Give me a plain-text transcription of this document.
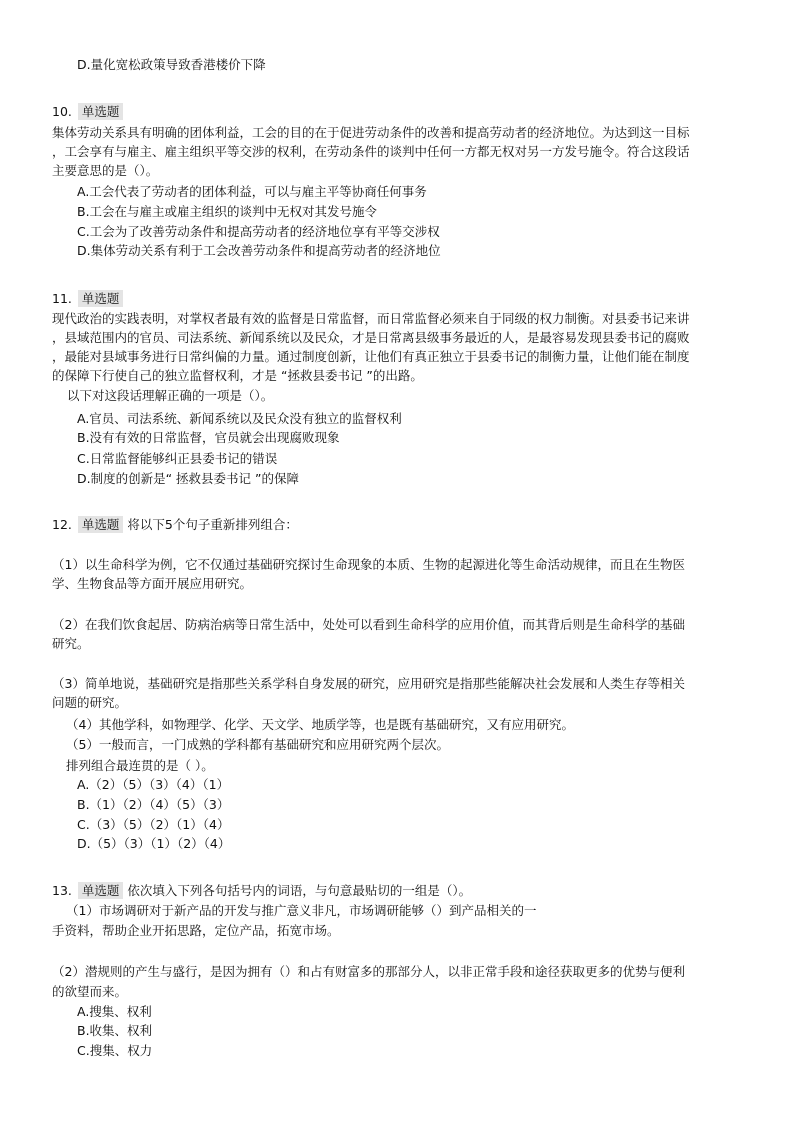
D.量化宽松政策导致香港楼价下降
10. 单选题
集体劳动关系具有明确的团体利益，工会的目的在于促进劳动条件的改善和提高劳动者的经济地位。为达到这一目标
，工会享有与雇主、雇主组织平等交涉的权利，在劳动条件的谈判中任何一方都无权对另一方发号施令。符合这段话
主要意思的是（）。
A.工会代表了劳动者的团体利益，可以与雇主平等协商任何事务
B.工会在与雇主或雇主组织的谈判中无权对其发号施令
C.工会为了改善劳动条件和提高劳动者的经济地位享有平等交涉权
D.集体劳动关系有利于工会改善劳动条件和提高劳动者的经济地位
11. 单选题
现代政治的实践表明，对掌权者最有效的监督是日常监督，而日常监督必须来自于同级的权力制衡。对县委书记来讲
，县域范围内的官员、司法系统、新闻系统以及民众，才是日常离县级事务最近的人，是最容易发现县委书记的腐败
，最能对县域事务进行日常纠偏的力量。通过制度创新，让他们有真正独立于县委书记的制衡力量，让他们能在制度
的保障下行使自己的独立监督权利，才是 “拯救县委书记 ”的出路。
以下对这段话理解正确的一项是（）。
A.官员、司法系统、新闻系统以及民众没有独立的监督权利
B.没有有效的日常监督，官员就会出现腐败现象
C.日常监督能够纠正县委书记的错误
D.制度的创新是“ 拯救县委书记 ”的保障
12. 单选题 将以下5个句子重新排列组合：
（1）以生命科学为例，它不仅通过基础研究探讨生命现象的本质、生物的起源进化等生命活动规律，而且在生物医
学、生物食品等方面开展应用研究。
（2）在我们饮食起居、防病治病等日常生活中，处处可以看到生命科学的应用价值，而其背后则是生命科学的基础
研究。
（3）简单地说，基础研究是指那些关系学科自身发展的研究，应用研究是指那些能解决社会发展和人类生存等相关
问题的研究。
（4）其他学科，如物理学、化学、天文学、地质学等，也是既有基础研究，又有应用研究。
（5）一般而言，一门成熟的学科都有基础研究和应用研究两个层次。
排列组合最连贯的是（ ）。
A.（2）（5）（3）（4）（1）
B.（1）（2）（4）（5）（3）
C.（3）（5）（2）（1）（4）
D.（5）（3）（1）（2）（4）
13. 单选题 依次填入下列各句括号内的词语，与句意最贴切的一组是（）。
（1）市场调研对于新产品的开发与推广意义非凡，市场调研能够（）到产品相关的一
手资料，帮助企业开拓思路，定位产品，拓宽市场。
（2）潜规则的产生与盛行，是因为拥有（）和占有财富多的那部分人，以非正常手段和途径获取更多的优势与便利
的欲望而来。
A.搜集、权利
B.收集、权利
C.搜集、权力
